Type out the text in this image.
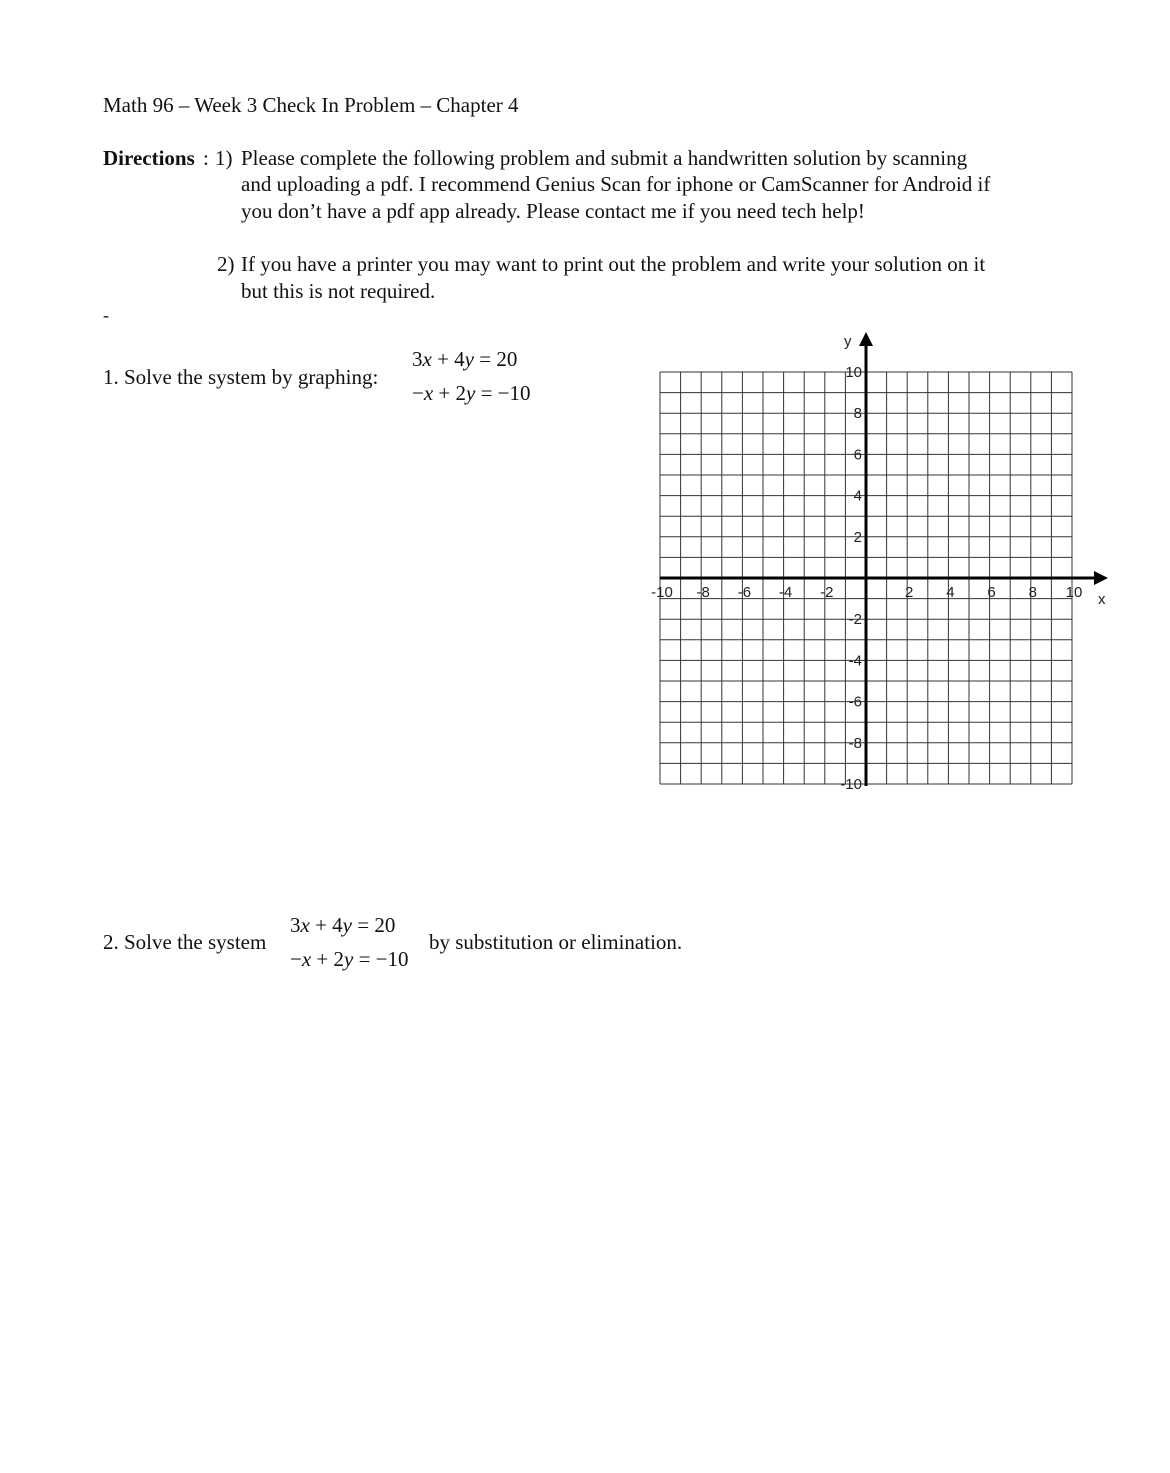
Math 96 – Week 3 Check In Problem – Chapter 4
Directions : 1) Please complete the following problem and submit a handwritten solution by scanning
and uploading a pdf. I recommend Genius Scan for iphone or CamScanner for Android if
you don’t have a pdf app already. Please contact me if you need tech help!
2) If you have a printer you may want to print out the problem and write your solution on it
but this is not required.
-
1. Solve the system by graphing:
3x + 4y = 20
−x + 2y = −10
x
y
-10 -8 -6 -4 -2	2 4 6 8 10
10
8
6
4
2
-2
-4
-6
-8
-10
2. Solve the system
3x + 4y = 20
−x + 2y = −10
by substitution or elimination.
